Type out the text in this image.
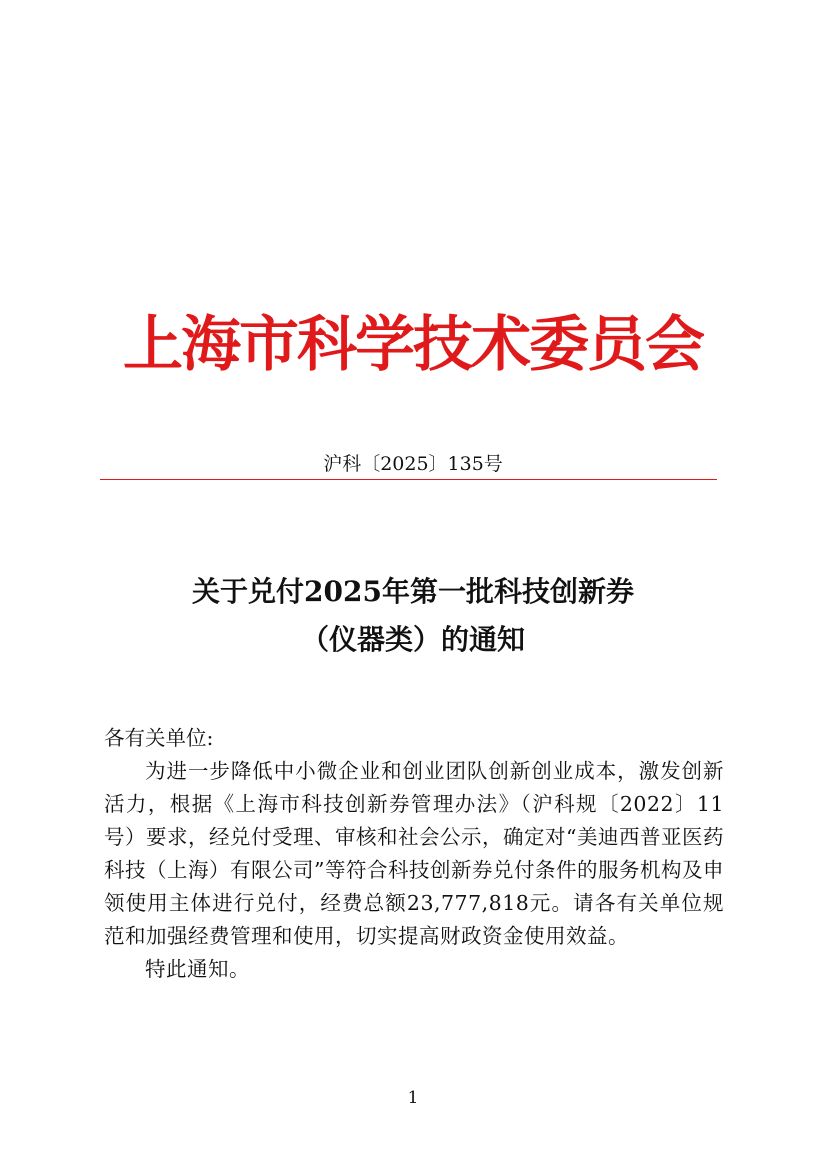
上海市科学技术委员会
沪科〔2025〕135号
关于兑付2025年第一批科技创新券
（仪器类）的通知

各有关单位:

为进一步降低中小微企业和创业团队创新创业成本，激发创新活力，根据《上海市科技创新券管理办法》（沪科规〔2022〕11号）要求，经兑付受理、审核和社会公示，确定对“美迪西普亚医药科技（上海）有限公司”等符合科技创新券兑付条件的服务机构及申领使用主体进行兑付，经费总额23,777,818元。请各有关单位规范和加强经费管理和使用，切实提高财政资金使用效益。

特此通知。

1
